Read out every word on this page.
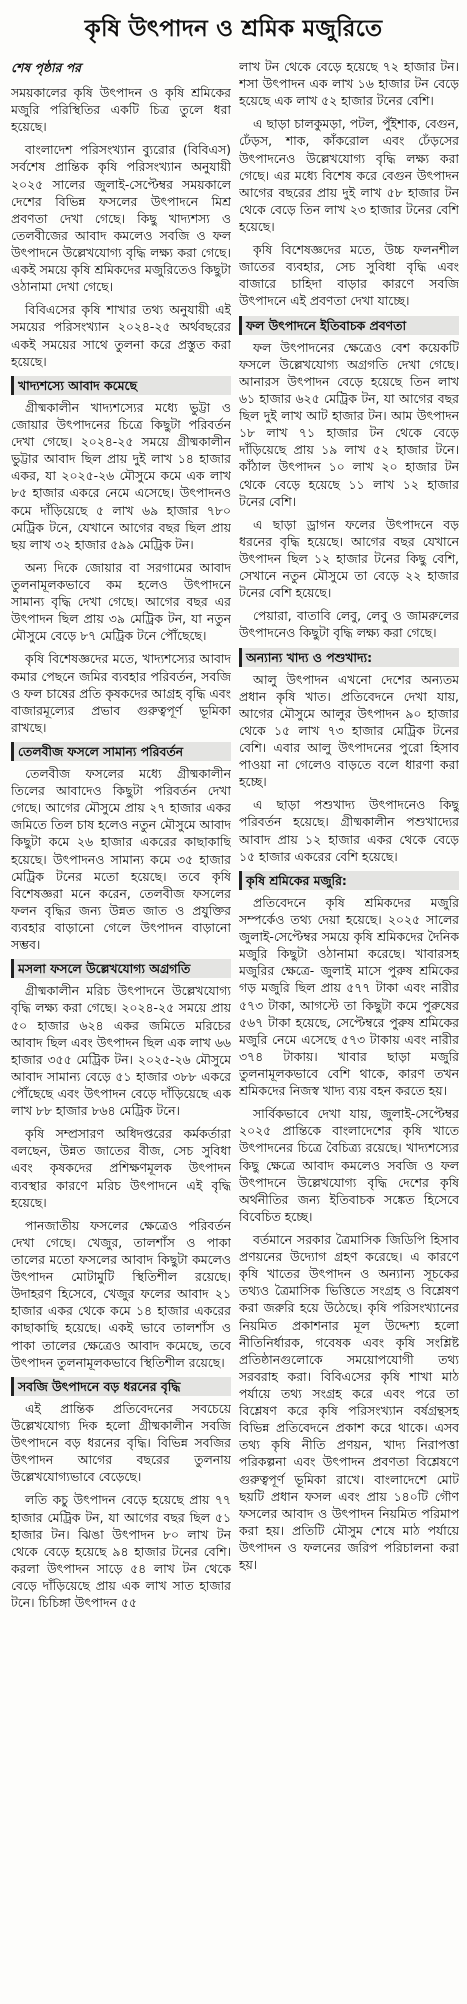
কৃষি উৎপাদন ও শ্রমিক মজুরিতে
শেষ পৃষ্ঠার পর

সময়কালের কৃষি উৎপাদন ও কৃষি শ্রমিকের মজুরি পরিস্থিতির একটি চিত্র তুলে ধরা হয়েছে।

বাংলাদেশ পরিসংখ্যান ব্যুরোর (বিবিএস) সর্বশেষ প্রান্তিক কৃষি পরিসংখ্যান অনুযায়ী ২০২৫ সালের জুলাই-সেপ্টেম্বর সময়কালে দেশের বিভিন্ন ফসলের উৎপাদনে মিশ্র প্রবণতা দেখা গেছে। কিছু খাদ্যশস্য ও তেলবীজের আবাদ কমলেও সবজি ও ফল উৎপাদনে উল্লেখযোগ্য বৃদ্ধি লক্ষ্য করা গেছে। একই সময়ে কৃষি শ্রমিকদের মজুরিতেও কিছুটা ওঠানামা দেখা গেছে।

বিবিএসের কৃষি শাখার তথ্য অনুযায়ী এই সময়ের পরিসংখ্যান ২০২৪-২৫ অর্থবছরের একই সময়ের সাথে তুলনা করে প্রস্তুত করা হয়েছে।

খাদ্যশস্যে আবাদ কমেছে

গ্রীষ্মকালীন খাদ্যশস্যের মধ্যে ভুট্টা ও জোয়ার উৎপাদনের চিত্রে কিছুটা পরিবর্তন দেখা গেছে। ২০২৪-২৫ সময়ে গ্রীষ্মকালীন ভুট্টার আবাদ ছিল প্রায় দুই লাখ ১৪ হাজার একর, যা ২০২৫-২৬ মৌসুমে কমে এক লাখ ৮৫ হাজার একরে নেমে এসেছে। উৎপাদনও কমে দাঁড়িয়েছে ৫ লাখ ৬৯ হাজার ৭৮০ মেট্রিক টনে, যেখানে আগের বছর ছিল প্রায় ছয় লাখ ৩২ হাজার ৫৯৯ মেট্রিক টন।

অন্য দিকে জোয়ার বা সরগামের আবাদ তুলনামূলকভাবে কম হলেও উৎপাদনে সামান্য বৃদ্ধি দেখা গেছে। আগের বছর এর উৎপাদন ছিল প্রায় ৩৯ মেট্রিক টন, যা নতুন মৌসুমে বেড়ে ৮৭ মেট্রিক টনে পৌঁছেছে।

কৃষি বিশেষজ্ঞদের মতে, খাদ্যশস্যের আবাদ কমার পেছনে জমির ব্যবহার পরিবর্তন, সবজি ও ফল চাষের প্রতি কৃষকদের আগ্রহ বৃদ্ধি এবং বাজারমূল্যের প্রভাব গুরুত্বপূর্ণ ভূমিকা রাখছে।

তেলবীজ ফসলে সামান্য পরিবর্তন

তেলবীজ ফসলের মধ্যে গ্রীষ্মকালীন তিলের আবাদেও কিছুটা পরিবর্তন দেখা গেছে। আগের মৌসুমে প্রায় ২৭ হাজার একর জমিতে তিল চাষ হলেও নতুন মৌসুমে আবাদ কিছুটা কমে ২৬ হাজার একরের কাছাকাছি হয়েছে। উৎপাদনও সামান্য কমে ৩৫ হাজার মেট্রিক টনের মতো হয়েছে। তবে কৃষি বিশেষজ্ঞরা মনে করেন, তেলবীজ ফসলের ফলন বৃদ্ধির জন্য উন্নত জাত ও প্রযুক্তির ব্যবহার বাড়ানো গেলে উৎপাদন বাড়ানো সম্ভব।

মসলা ফসলে উল্লেখযোগ্য অগ্রগতি

গ্রীষ্মকালীন মরিচ উৎপাদনে উল্লেখযোগ্য বৃদ্ধি লক্ষ্য করা গেছে। ২০২৪-২৫ সময়ে প্রায় ৫০ হাজার ৬২৪ একর জমিতে মরিচের আবাদ ছিল এবং উৎপাদন ছিল এক লাখ ৬৬ হাজার ৩৫৫ মেট্রিক টন। ২০২৫-২৬ মৌসুমে আবাদ সামান্য বেড়ে ৫১ হাজার ৩৮৮ একরে পৌঁছেছে এবং উৎপাদন বেড়ে দাঁড়িয়েছে এক লাখ ৮৮ হাজার ৮৬৪ মেট্রিক টনে।

কৃষি সম্প্রসারণ অধিদপ্তরের কর্মকর্তারা বলছেন, উন্নত জাতের বীজ, সেচ সুবিধা এবং কৃষকদের প্রশিক্ষণমূলক উৎপাদন ব্যবস্থার কারণে মরিচ উৎপাদনে এই বৃদ্ধি হয়েছে।

পানজাতীয় ফসলের ক্ষেত্রেও পরিবর্তন দেখা গেছে। খেজুর, তালশাঁস ও পাকা তালের মতো ফসলের আবাদ কিছুটা কমলেও উৎপাদন মোটামুটি স্থিতিশীল রয়েছে। উদাহরণ হিসেবে, খেজুর ফলের আবাদ ২১ হাজার একর থেকে কমে ১৪ হাজার একরের কাছাকাছি হয়েছে। একই ভাবে তালশাঁস ও পাকা তালের ক্ষেত্রেও আবাদ কমেছে, তবে উৎপাদন তুলনামূলকভাবে স্থিতিশীল রয়েছে।

সবজি উৎপাদনে বড় ধরনের বৃদ্ধি

এই প্রান্তিক প্রতিবেদনের সবচেয়ে উল্লেখযোগ্য দিক হলো গ্রীষ্মকালীন সবজি উৎপাদনে বড় ধরনের বৃদ্ধি। বিভিন্ন সবজির উৎপাদন আগের বছরের তুলনায় উল্লেখযোগ্যভাবে বেড়েছে।

লতি কচু উৎপাদন বেড়ে হয়েছে প্রায় ৭৭ হাজার মেট্রিক টন, যা আগের বছর ছিল ৫১ হাজার টন। ঝিঙা উৎপাদন ৮০ লাখ টন থেকে বেড়ে হয়েছে ৯৪ হাজার টনের বেশি। করলা উৎপাদন সাড়ে ৫৪ লাখ টন থেকে বেড়ে দাঁড়িয়েছে প্রায় এক লাখ সাত হাজার টনে। চিচিঙ্গা উৎপাদন ৫৫

লাখ টন থেকে বেড়ে হয়েছে ৭২ হাজার টন। শসা উৎপাদন এক লাখ ১৬ হাজার টন বেড়ে হয়েছে এক লাখ ৫২ হাজার টনের বেশি।

এ ছাড়া চালকুমড়া, পটল, পুঁইশাক, বেগুন, ঢেঁড়স, শাক, কাঁকরোল এবং ঢেঁড়সের উৎপাদনেও উল্লেখযোগ্য বৃদ্ধি লক্ষ্য করা গেছে। এর মধ্যে বিশেষ করে বেগুন উৎপাদন আগের বছরের প্রায় দুই লাখ ৫৮ হাজার টন থেকে বেড়ে তিন লাখ ২৩ হাজার টনের বেশি হয়েছে।

কৃষি বিশেষজ্ঞদের মতে, উচ্চ ফলনশীল জাতের ব্যবহার, সেচ সুবিধা বৃদ্ধি এবং বাজারে চাহিদা বাড়ার কারণে সবজি উৎপাদনে এই প্রবণতা দেখা যাচ্ছে।

ফল উৎপাদনে ইতিবাচক প্রবণতা

ফল উৎপাদনের ক্ষেত্রেও বেশ কয়েকটি ফসলে উল্লেখযোগ্য অগ্রগতি দেখা গেছে। আনারস উৎপাদন বেড়ে হয়েছে তিন লাখ ৬১ হাজার ৬২৫ মেট্রিক টন, যা আগের বছর ছিল দুই লাখ আট হাজার টন। আম উৎপাদন ১৮ লাখ ৭১ হাজার টন থেকে বেড়ে দাঁড়িয়েছে প্রায় ১৯ লাখ ৫২ হাজার টনে। কাঁঠাল উৎপাদন ১০ লাখ ২০ হাজার টন থেকে বেড়ে হয়েছে ১১ লাখ ১২ হাজার টনের বেশি।

এ ছাড়া ড্রাগন ফলের উৎপাদনে বড় ধরনের বৃদ্ধি হয়েছে। আগের বছর যেখানে উৎপাদন ছিল ১২ হাজার টনের কিছু বেশি, সেখানে নতুন মৌসুমে তা বেড়ে ২২ হাজার টনের বেশি হয়েছে।

পেয়ারা, বাতাবি লেবু, লেবু ও জামরুলের উৎপাদনেও কিছুটা বৃদ্ধি লক্ষ্য করা গেছে।

অন্যান্য খাদ্য ও পশুখাদ্য:

আলু উৎপাদন এখনো দেশের অন্যতম প্রধান কৃষি খাত। প্রতিবেদনে দেখা যায়, আগের মৌসুমে আলুর উৎপাদন ৯০ হাজার থেকে ১৫ লাখ ৭৩ হাজার মেট্রিক টনের বেশি। এবার আলু উৎপাদনের পুরো হিসাব পাওয়া না গেলেও বাড়তে বলে ধারণা করা হচ্ছে।

এ ছাড়া পশুখাদ্য উৎপাদনেও কিছু পরিবর্তন হয়েছে। গ্রীষ্মকালীন পশুখাদ্যের আবাদ প্রায় ১২ হাজার একর থেকে বেড়ে ১৫ হাজার একরের বেশি হয়েছে।

কৃষি শ্রমিকের মজুরি:

প্রতিবেদনে কৃষি শ্রমিকদের মজুরি সম্পর্কেও তথ্য দেয়া হয়েছে। ২০২৫ সালের জুলাই-সেপ্টেম্বর সময়ে কৃষি শ্রমিকদের দৈনিক মজুরি কিছুটা ওঠানামা করেছে। খাবারসহ মজুরির ক্ষেত্রে- জুলাই মাসে পুরুষ শ্রমিকের গড় মজুরি ছিল প্রায় ৫৭৭ টাকা এবং নারীর ৫৭৩ টাকা, আগস্টে তা কিছুটা কমে পুরুষের ৫৬৭ টাকা হয়েছে, সেপ্টেম্বরে পুরুষ শ্রমিকের মজুরি নেমে এসেছে ৫৭৩ টাকায় এবং নারীর ৩৭৪ টাকায়। খাবার ছাড়া মজুরি তুলনামূলকভাবে বেশি থাকে, কারণ তখন শ্রমিকদের নিজস্ব খাদ্য ব্যয় বহন করতে হয়।

সার্বিকভাবে দেখা যায়, জুলাই-সেপ্টেম্বর ২০২৫ প্রান্তিকে বাংলাদেশের কৃষি খাতে উৎপাদনের চিত্রে বৈচিত্র্য রয়েছে। খাদ্যশস্যের কিছু ক্ষেত্রে আবাদ কমলেও সবজি ও ফল উৎপাদনে উল্লেখযোগ্য বৃদ্ধি দেশের কৃষি অর্থনীতির জন্য ইতিবাচক সঙ্কেত হিসেবে বিবেচিত হচ্ছে।

বর্তমানে সরকার ত্রৈমাসিক জিডিপি হিসাব প্রণয়নের উদ্যোগ গ্রহণ করেছে। এ কারণে কৃষি খাতের উৎপাদন ও অন্যান্য সূচকের তথ্যও ত্রৈমাসিক ভিত্তিতে সংগ্রহ ও বিশ্লেষণ করা জরুরি হয়ে উঠেছে। কৃষি পরিসংখ্যানের নিয়মিত প্রকাশনার মূল উদ্দেশ্য হলো নীতিনির্ধারক, গবেষক এবং কৃষি সংশ্লিষ্ট প্রতিষ্ঠানগুলোকে সময়োপযোগী তথ্য সরবরাহ করা। বিবিএসের কৃষি শাখা মাঠ পর্যায়ে তথ্য সংগ্রহ করে এবং পরে তা বিশ্লেষণ করে কৃষি পরিসংখ্যান বর্ষগ্রন্থসহ বিভিন্ন প্রতিবেদনে প্রকাশ করে থাকে। এসব তথ্য কৃষি নীতি প্রণয়ন, খাদ্য নিরাপত্তা পরিকল্পনা এবং উৎপাদন প্রবণতা বিশ্লেষণে গুরুত্বপূর্ণ ভূমিকা রাখে। বাংলাদেশে মোট ছয়টি প্রধান ফসল এবং প্রায় ১৪০টি গৌণ ফসলের আবাদ ও উৎপাদন নিয়মিত পরিমাপ করা হয়। প্রতিটি মৌসুম শেষে মাঠ পর্যায়ে উৎপাদন ও ফলনের জরিপ পরিচালনা করা হয়।
